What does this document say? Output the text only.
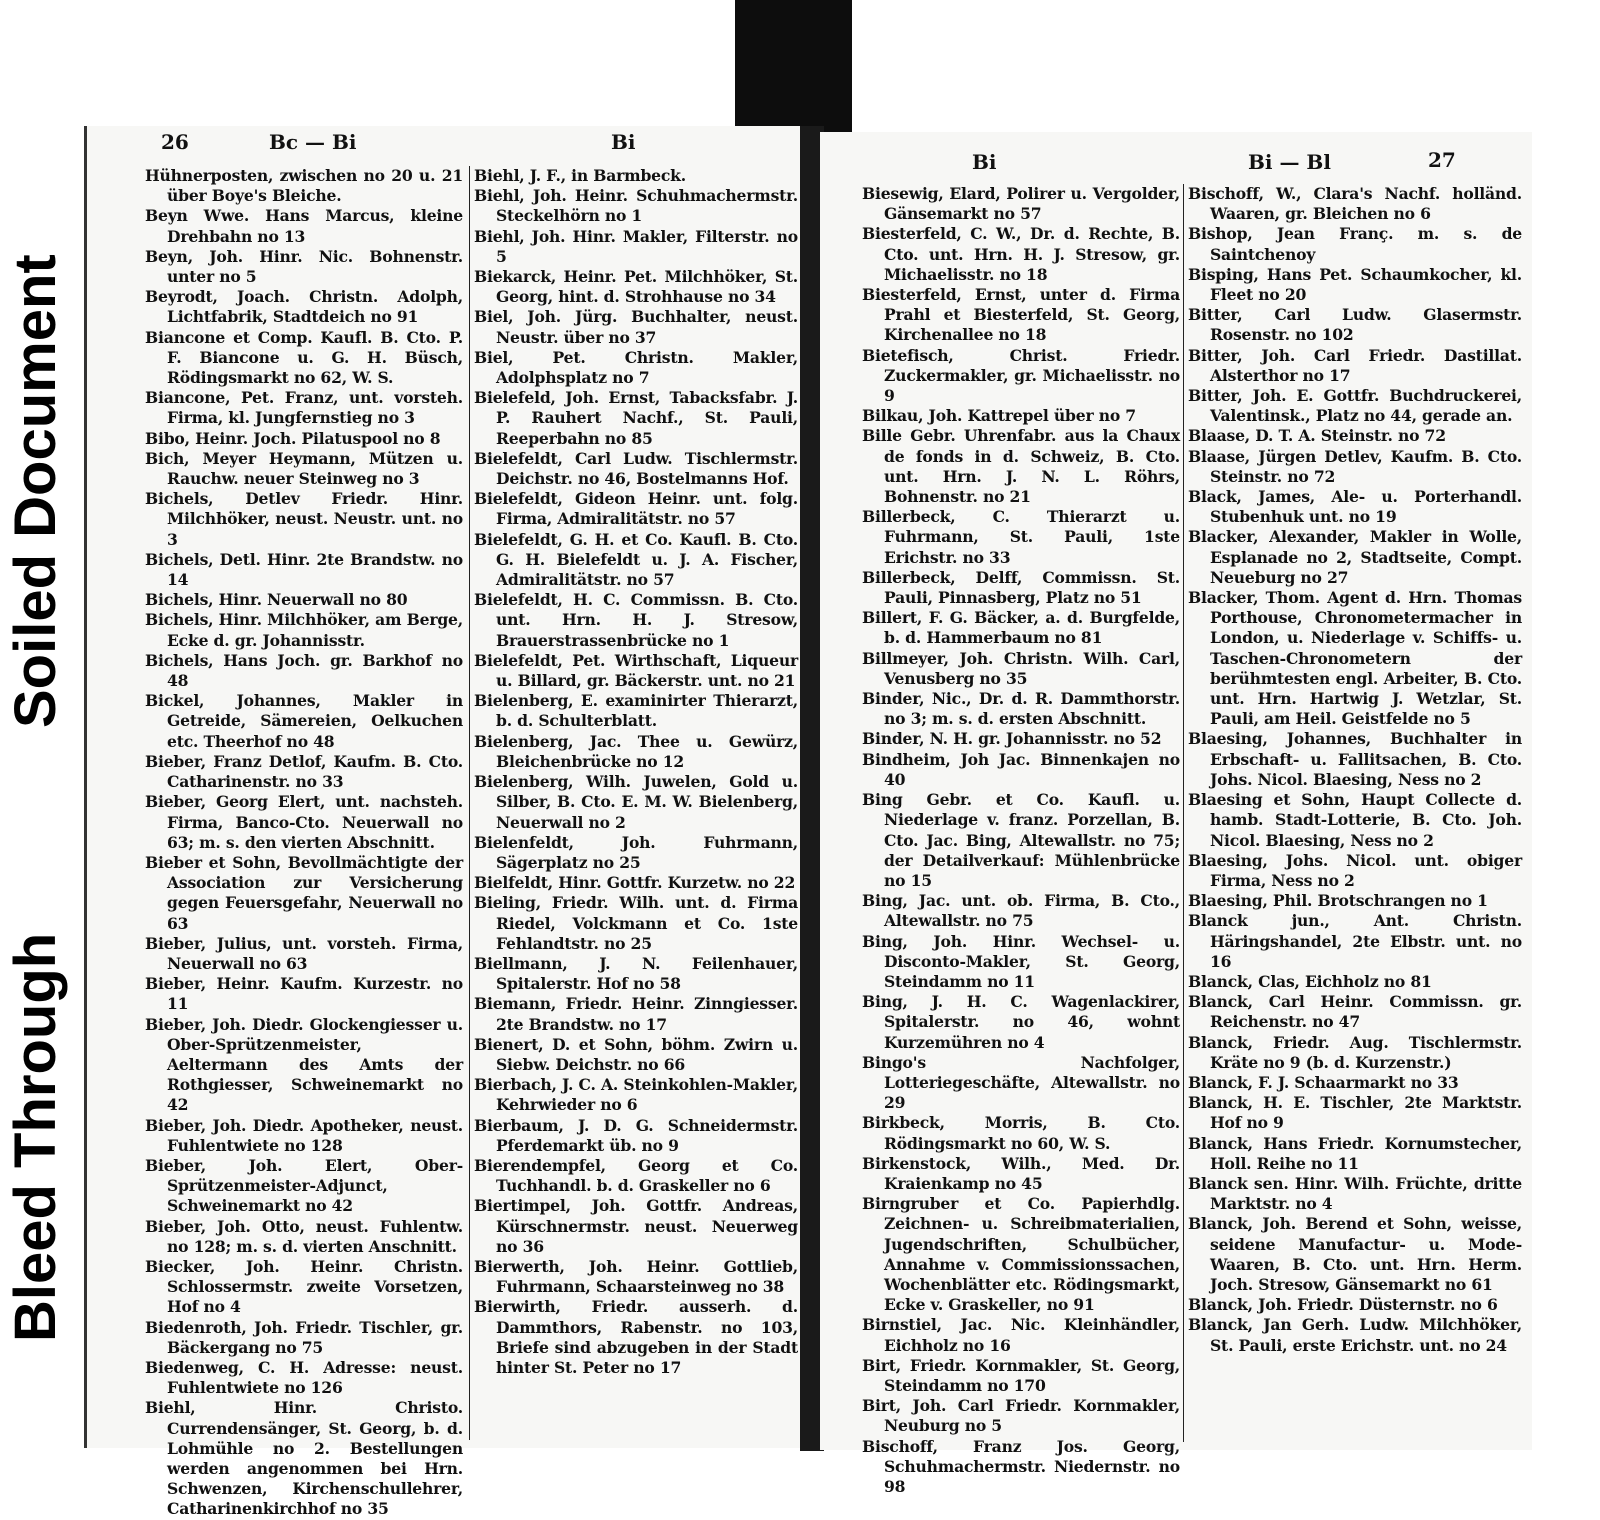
Soiled Document
Bleed Through
26	Bc — Bi	Bi

Hühnerposten, zwischen no 20 u. 21 über Boye's Bleiche.

Beyn Wwe. Hans Marcus, kleine Drehbahn no 13

Beyn, Joh. Hinr. Nic. Bohnenstr. unter no 5

Beyrodt, Joach. Christn. Adolph, Lichtfabrik, Stadtdeich no 91

Biancone et Comp. Kaufl. B. Cto. P. F. Biancone u. G. H. Büsch, Rödingsmarkt no 62, W. S.

Biancone, Pet. Franz, unt. vorsteh. Firma, kl. Jungfernstieg no 3

Bibo, Heinr. Joch. Pilatuspool no 8

Bich, Meyer Heymann, Mützen u. Rauchw. neuer Steinweg no 3

Bichels, Detlev Friedr. Hinr. Milchhöker, neust. Neustr. unt. no 3

Bichels, Detl. Hinr. 2te Brandstw. no 14

Bichels, Hinr. Neuerwall no 80

Bichels, Hinr. Milchhöker, am Berge, Ecke d. gr. Johannisstr.

Bichels, Hans Joch. gr. Barkhof no 48

Bickel, Johannes, Makler in Getreide, Sämereien, Oelkuchen etc. Theerhof no 48

Bieber, Franz Detlof, Kaufm. B. Cto. Catharinenstr. no 33

Bieber, Georg Elert, unt. nachsteh. Firma, Banco-Cto. Neuerwall no 63; m. s. den vierten Abschnitt.

Bieber et Sohn, Bevollmächtigte der Association zur Versicherung gegen Feuersgefahr, Neuerwall no 63

Bieber, Julius, unt. vorsteh. Firma, Neuerwall no 63

Bieber, Heinr. Kaufm. Kurzestr. no 11

Bieber, Joh. Diedr. Glockengiesser u. Ober-Sprützenmeister, Aeltermann des Amts der Rothgiesser, Schweinemarkt no 42

Bieber, Joh. Diedr. Apotheker, neust. Fuhlentwiete no 128

Bieber, Joh. Elert, Ober-Sprützenmeister-Adjunct, Schweinemarkt no 42

Bieber, Joh. Otto, neust. Fuhlentw. no 128; m. s. d. vierten Anschnitt.

Biecker, Joh. Heinr. Christn. Schlossermstr. zweite Vorsetzen, Hof no 4

Biedenroth, Joh. Friedr. Tischler, gr. Bäckergang no 75

Biedenweg, C. H. Adresse: neust. Fuhlentwiete no 126

Biehl, Hinr. Christo. Currendensänger, St. Georg, b. d. Lohmühle no 2. Bestellungen werden angenommen bei Hrn. Schwenzen, Kirchenschullehrer, Catharinenkirchhof no 35

Biehl, J. F., in Barmbeck.

Biehl, Joh. Heinr. Schuhmachermstr. Steckelhörn no 1

Biehl, Joh. Hinr. Makler, Filterstr. no 5

Biekarck, Heinr. Pet. Milchhöker, St. Georg, hint. d. Strohhause no 34

Biel, Joh. Jürg. Buchhalter, neust. Neustr. über no 37

Biel, Pet. Christn. Makler, Adolphsplatz no 7

Bielefeld, Joh. Ernst, Tabacksfabr. J. P. Rauhert Nachf., St. Pauli, Reeperbahn no 85

Bielefeldt, Carl Ludw. Tischlermstr. Deichstr. no 46, Bostelmanns Hof.

Bielefeldt, Gideon Heinr. unt. folg. Firma, Admiralitätstr. no 57

Bielefeldt, G. H. et Co. Kaufl. B. Cto. G. H. Bielefeldt u. J. A. Fischer, Admiralitätstr. no 57

Bielefeldt, H. C. Commissn. B. Cto. unt. Hrn. H. J. Stresow, Brauerstrassenbrücke no 1

Bielefeldt, Pet. Wirthschaft, Liqueur u. Billard, gr. Bäckerstr. unt. no 21

Bielenberg, E. examinirter Thierarzt, b. d. Schulterblatt.

Bielenberg, Jac. Thee u. Gewürz, Bleichenbrücke no 12

Bielenberg, Wilh. Juwelen, Gold u. Silber, B. Cto. E. M. W. Bielenberg, Neuerwall no 2

Bielenfeldt, Joh. Fuhrmann, Sägerplatz no 25

Bielfeldt, Hinr. Gottfr. Kurzetw. no 22

Bieling, Friedr. Wilh. unt. d. Firma Riedel, Volckmann et Co. 1ste Fehlandtstr. no 25

Biellmann, J. N. Feilenhauer, Spitalerstr. Hof no 58

Biemann, Friedr. Heinr. Zinngiesser. 2te Brandstw. no 17

Bienert, D. et Sohn, böhm. Zwirn u. Siebw. Deichstr. no 66

Bierbach, J. C. A. Steinkohlen-Makler, Kehrwieder no 6

Bierbaum, J. D. G. Schneidermstr. Pferdemarkt üb. no 9

Bierendempfel, Georg et Co. Tuchhandl. b. d. Graskeller no 6

Biertimpel, Joh. Gottfr. Andreas, Kürschnermstr. neust. Neuerweg no 36

Bierwerth, Joh. Heinr. Gottlieb, Fuhrmann, Schaarsteinweg no 38

Bierwirth, Friedr. ausserh. d. Dammthors, Rabenstr. no 103, Briefe sind abzugeben in der Stadt hinter St. Peter no 17

Bi	Bi — Bl	27

Biesewig, Elard, Polirer u. Vergolder, Gänsemarkt no 57

Biesterfeld, C. W., Dr. d. Rechte, B. Cto. unt. Hrn. H. J. Stresow, gr. Michaelisstr. no 18

Biesterfeld, Ernst, unter d. Firma Prahl et Biesterfeld, St. Georg, Kirchenallee no 18

Bietefisch, Christ. Friedr. Zuckermakler, gr. Michaelisstr. no 9

Bilkau, Joh. Kattrepel über no 7

Bille Gebr. Uhrenfabr. aus la Chaux de fonds in d. Schweiz, B. Cto. unt. Hrn. J. N. L. Röhrs, Bohnenstr. no 21

Billerbeck, C. Thierarzt u. Fuhrmann, St. Pauli, 1ste Erichstr. no 33

Billerbeck, Delff, Commissn. St. Pauli, Pinnasberg, Platz no 51

Billert, F. G. Bäcker, a. d. Burgfelde, b. d. Hammerbaum no 81

Billmeyer, Joh. Christn. Wilh. Carl, Venusberg no 35

Binder, Nic., Dr. d. R. Dammthorstr. no 3; m. s. d. ersten Abschnitt.

Binder, N. H. gr. Johannisstr. no 52

Bindheim, Joh Jac. Binnenkajen no 40

Bing Gebr. et Co. Kaufl. u. Niederlage v. franz. Porzellan, B. Cto. Jac. Bing, Altewallstr. no 75; der Detailverkauf: Mühlenbrücke no 15

Bing, Jac. unt. ob. Firma, B. Cto., Altewallstr. no 75

Bing, Joh. Hinr. Wechsel- u. Disconto-Makler, St. Georg, Steindamm no 11

Bing, J. H. C. Wagenlackirer, Spitalerstr. no 46, wohnt Kurzemühren no 4

Bingo's Nachfolger, Lotteriegeschäfte, Altewallstr. no 29

Birkbeck, Morris, B. Cto. Rödingsmarkt no 60, W. S.

Birkenstock, Wilh., Med. Dr. Kraienkamp no 45

Birngruber et Co. Papierhdlg. Zeichnen- u. Schreibmaterialien, Jugendschriften, Schulbücher, Annahme v. Commissionssachen, Wochenblätter etc. Rödingsmarkt, Ecke v. Graskeller, no 91

Birnstiel, Jac. Nic. Kleinhändler, Eichholz no 16

Birt, Friedr. Kornmakler, St. Georg, Steindamm no 170

Birt, Joh. Carl Friedr. Kornmakler, Neuburg no 5

Bischoff, Franz Jos. Georg, Schuhmachermstr. Niedernstr. no 98

Bischoff, W., Clara's Nachf. holländ. Waaren, gr. Bleichen no 6

Bishop, Jean Franç. m. s. de Saintchenoy

Bisping, Hans Pet. Schaumkocher, kl. Fleet no 20

Bitter, Carl Ludw. Glasermstr. Rosenstr. no 102

Bitter, Joh. Carl Friedr. Dastillat. Alsterthor no 17

Bitter, Joh. E. Gottfr. Buchdruckerei, Valentinsk., Platz no 44, gerade an.

Blaase, D. T. A. Steinstr. no 72

Blaase, Jürgen Detlev, Kaufm. B. Cto. Steinstr. no 72

Black, James, Ale- u. Porterhandl. Stubenhuk unt. no 19

Blacker, Alexander, Makler in Wolle, Esplanade no 2, Stadtseite, Compt. Neueburg no 27

Blacker, Thom. Agent d. Hrn. Thomas Porthouse, Chronometermacher in London, u. Niederlage v. Schiffs- u. Taschen-Chronometern der berühmtesten engl. Arbeiter, B. Cto. unt. Hrn. Hartwig J. Wetzlar, St. Pauli, am Heil. Geistfelde no 5

Blaesing, Johannes, Buchhalter in Erbschaft- u. Fallitsachen, B. Cto. Johs. Nicol. Blaesing, Ness no 2

Blaesing et Sohn, Haupt Collecte d. hamb. Stadt-Lotterie, B. Cto. Joh. Nicol. Blaesing, Ness no 2

Blaesing, Johs. Nicol. unt. obiger Firma, Ness no 2

Blaesing, Phil. Brotschrangen no 1

Blanck jun., Ant. Christn. Häringshandel, 2te Elbstr. unt. no 16

Blanck, Clas, Eichholz no 81

Blanck, Carl Heinr. Commissn. gr. Reichenstr. no 47

Blanck, Friedr. Aug. Tischlermstr. Kräte no 9 (b. d. Kurzenstr.)

Blanck, F. J. Schaarmarkt no 33

Blanck, H. E. Tischler, 2te Marktstr. Hof no 9

Blanck, Hans Friedr. Kornumstecher, Holl. Reihe no 11

Blanck sen. Hinr. Wilh. Früchte, dritte Marktstr. no 4

Blanck, Joh. Berend et Sohn, weisse, seidene Manufactur- u. Mode-Waaren, B. Cto. unt. Hrn. Herm. Joch. Stresow, Gänsemarkt no 61

Blanck, Joh. Friedr. Düsternstr. no 6

Blanck, Jan Gerh. Ludw. Milchhöker, St. Pauli, erste Erichstr. unt. no 24
